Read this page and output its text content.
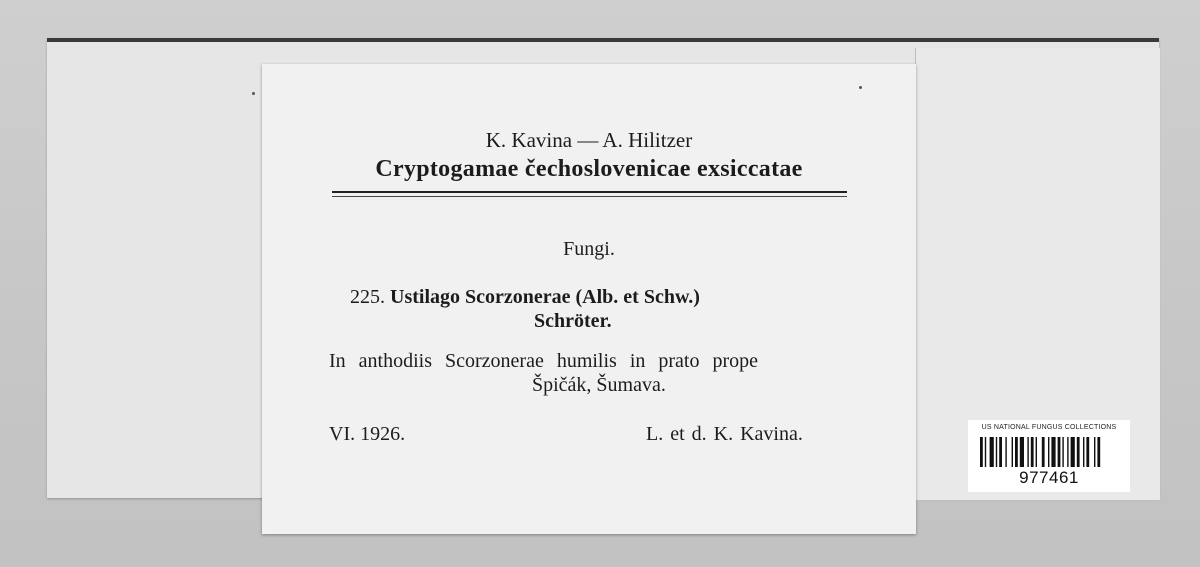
K. Kavina — A. Hilitzer
Cryptogamae čechoslovenicae exsiccatae
Fungi.
225. Ustilago Scorzonerae (Alb. et Schw.)
Schröter.
In anthodiis Scorzonerae humilis in prato prope
Špičák, Šumava.
VI. 1926.	L. et d. K. Kavina.	US NATIONAL FUNGUS COLLECTIONS
977461
